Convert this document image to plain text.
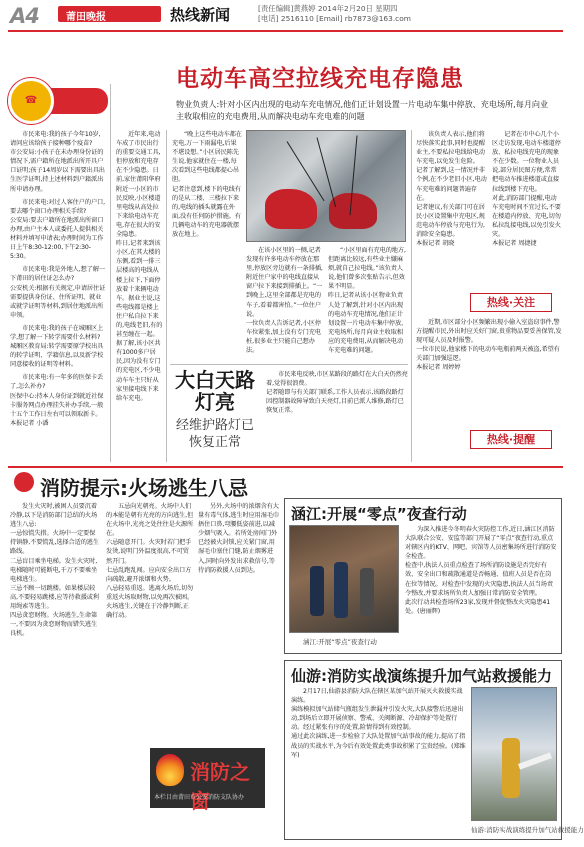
A4	莆田晚报	热线新闻	[责任编辑]黄燕婷 2014年2月20日 星期四
[电话] 2516110 [Email] rb7873@163.com
电动车高空拉线充电存隐患
物业负责人:针对小区内出现的电动车充电情况,他们正计划设置一片电动车集中停放、充电场所,每月向业主收取相应的充电费用,从而解决电动车充电难的问题
☎

市民来电:我的孩子今年10岁,请问应该给孩子接种哪个疫苗?
市公安局:小孩子在未办理身份证的情况下,需户籍所在地派出所开具户口证明;孩子14周岁以下需要出具出生医学证明,持上述材料到户籍派出所申请办理。

市民来电:对过人客住户的户口,要去哪个窗口办理相关手续?
公安局:要去户籍所在地派出所窗口办理,由户主本人或委托人提供相关材料并填写申请表;办理时间为工作日上午8:30-12:00,下午2:30-5:30。

市民来电:我是外地人,想了解一下莆田的居住证怎么办?
公安机关:根据有关规定,申请居住证需要提供身份证、住所证明、就业或就学证明等材料,到居住地派出所申领。

市民来电:我的孩子在城厢区上学,想了解一下转学需要什么材料?
城厢区教育局:转学需要原学校出具的转学证明、学籍信息,以及新学校同意接收的证明等材料。

市民来电:有一年多的医保卡丢了,怎么补办?
医保中心:持本人身份证到就近社保卡服务网点办理挂失补办手续,一般十五个工作日左右可以领取新卡。本报记者 小潘

近年来,电动车成了市民出行的重要交通工具,但停放和充电存在不少隐患。日前,家住莆阳华府附近一小区的市民反映,小区楼道里电线从高处拉下来给电动车充电,存在很大的安全隐患。
昨日,记者来到该小区,在其大楼的东侧,看到一排三层楼高的电线从楼上拉下,下面停放着十来辆电动车。据业主说,这些电线都是楼上住户私自拉下来的,电线老旧,有的甚至缠在一起。
据了解,该小区共有1000多户居民,因为没有专门的充电区,不少电动车车主只好从家里接电线下来给车充电。

“晚上这些电动车都在充电,万一下雨漏电,后果不堪设想。”小区居民陈先生说,他家就住在一楼,每次看到这些电线都提心吊胆。
记者注意到,楼下的电线有的是从二楼、三楼拉下来的,电线的插头就露在外面,没有任何防护措施。有几辆电动车的充电器就摆放在地上。

在该小区里的一侧,记者发现有许多电动车停放在那里,停放区旁边就有一条排插,附近住户家中的电线直接从窗户拉下来接到排插上。“一到晚上,这里全部都是充电的车子,看着都害怕。”一位住户说。
一位负责人告诉记者,小区停车位紧张,加上没有专门充电桩,很多业主只能自己想办法。

“小区里面有充电的地方,但距离比较远,有些业主嫌麻烦,就自己拉电线。”该负责人说,他们曾多次张贴告示,但效果不明显。
昨日,记者从该小区物业负责人处了解到,针对小区内出现的电动车充电情况,他们正计划设置一片电动车集中停放、充电场所,每月向业主收取相应的充电费用,从而解决电动车充电难的问题。

该负责人表示,他们将尽快落实此事,同时也提醒业主,不要私拉电线给电动车充电,以免发生危险。
记者了解到,这一情况并非个例,在不少老旧小区,电动车充电难的问题普遍存在。
记者建议,有关部门可在居民小区设置集中充电区,规范电动车停放与充电行为,消除安全隐患。
本报记者 胡晓

记者在市中心几个小区走访发现,电动车楼道停放、私拉电线充电的现象不在少数。一位物业人员说,部分居民图方便,常常把电动车推进楼道或直接拉线到楼下充电。
对此,消防部门提醒,电动车充电时间不宜过长,不要在楼道内停放、充电,切勿私拉乱接电线,以免引发火灾。
本报记者 周捷捷

热线·关注
大白天路灯亮
经维护路灯已恢复正常

市民来电反映,市区某路段的路灯在大白天仍然亮着,觉得很浪费。
记者随即与有关部门联系,工作人员表示,该路段路灯因控制器故障导致白天亮灯,目前已派人维修,路灯已恢复正常。

近期,市区部分小区频繁出现小偷入室盗窃事件,警方提醒市民,外出时应关好门窗,贵重物品要妥善保管,发现可疑人员及时报警。
一位市民说,他家楼下的电动车电瓶前两天被盗,希望有关部门加强巡逻。
本报记者 周婷婷

热线·提醒
消防提示:火场逃生八忌

发生火灾时,被困人员要沉着冷静,以下是消防部门总结的火场逃生八忌:
一忌惊慌失措。火场中一定要保持镇静,不要慌乱,选择合适的逃生路线。
二忌盲目乘坐电梯。发生火灾时,电梯随时可能断电,千万不要乘坐电梯逃生。
三忌不顾一切跳楼。如果楼层较高,不要轻易跳楼,应等待救援或利用绳索等逃生。
四忌贪恋财物。火场逃生,生命第一,不要因为贪恋财物而错失逃生良机。

五忌向光朝亮。火场中人们的本能是朝有光亮的方向逃生,但在火场中,光亮之处往往是火源所在。
六忌随意开门。火灾时若门把手发烫,说明门外温度很高,不可贸然开门。
七忌乱跑乱闯。应向安全出口方向疏散,避开浓烟和火势。
八忌轻易重返。逃离火场后,切勿重返火场取财物,以免再次被困。
火场逃生,关键在于冷静判断,正确行动。

另外,火场中的浓烟含有大量有毒气体,逃生时应用湿毛巾捂住口鼻,弯腰低姿前进,以减少烟气吸入。若所处房间门外已经被火封锁,应关紧门窗,用湿毛巾塞住门缝,防止烟雾进入,同时向外发出求救信号,等待消防救援人员到达。

消防之窗
本栏目由莆田市公安消防支队协办
涵江:开展“零点”夜查行动
涵江:开展“零点”夜查行动

为深入推进今冬明春火灾防控工作,近日,涵江区消防大队联合公安、安监等部门开展了“零点”夜查行动,重点对辖区内的KTV、网吧、宾馆等人员密集场所进行消防安全检查。
检查中,执法人员重点检查了场所消防设施是否完好有效、安全出口和疏散通道是否畅通、值班人员是否在岗在位等情况。对检查中发现的火灾隐患,执法人员当场责令整改,并要求场所负责人加强日常消防安全管理。
此次行动共检查场所23家,发现并督促整改火灾隐患41处。(唐丽辉)

仙游:消防实战演练提升加气站救援能力

2月17日,仙游县消防大队在辖区某加气站开展灭火救援实战演练。
演练模拟加气站储气瓶组发生泄漏并引发火灾,大队接警后迅速出动,到场后立即开展侦察、警戒、关阀断源、冷却保护等处置行动。经过紧张有序的处置,险情得到有效控制。
通过此次演练,进一步检验了大队处置加气站事故的能力,提高了指战员的实战水平,为今后有效处置此类事故积累了宝贵经验。(郑维军)

仙游:消防实战演练提升加气站救援能力
